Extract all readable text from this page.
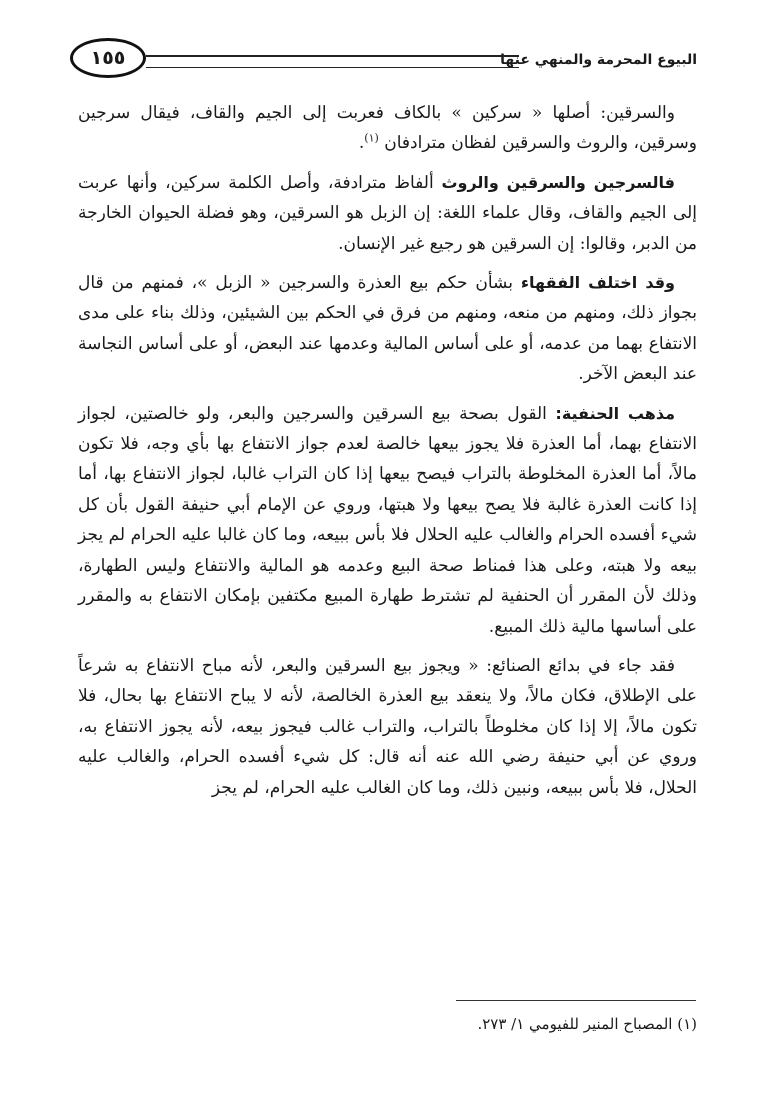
البيوع المحرمة والمنهي عنها
١٥٥

والسرقين: أصلها « سركين » بالكاف فعربت إلى الجيم والقاف، فيقال سرجين وسرقين، والروث والسرقين لفظان مترادفان $^{(١)}$.

فالسرجين والسرقين والروث ألفاظ مترادفة، وأصل الكلمة سركين، وأنها عربت إلى الجيم والقاف، وقال علماء اللغة: إن الزبل هو السرقين، وهو فضلة الحيوان الخارجة من الدبر، وقالوا: إن السرقين هو رجيع غير الإنسان.

وقد اختلف الفقهاء بشأن حكم بيع العذرة والسرجين « الزبل »، فمنهم من قال بجواز ذلك، ومنهم من منعه، ومنهم من فرق في الحكم بين الشيئين، وذلك بناء على مدى الانتفاع بهما من عدمه، أو على أساس المالية وعدمها عند البعض، أو على أساس النجاسة عند البعض الآخر.

مذهب الحنفية: القول بصحة بيع السرقين والسرجين والبعر، ولو خالصتين، لجواز الانتفاع بهما، أما العذرة فلا يجوز بيعها خالصة لعدم جواز الانتفاع بها بأي وجه، فلا تكون مالاً، أما العذرة المخلوطة بالتراب فيصح بيعها إذا كان التراب غالبا، لجواز الانتفاع بها، أما إذا كانت العذرة غالبة فلا يصح بيعها ولا هبتها، وروي عن الإمام أبي حنيفة القول بأن كل شيء أفسده الحرام والغالب عليه الحلال فلا بأس ببيعه، وما كان غالبا عليه الحرام لم يجز بيعه ولا هبته، وعلى هذا فمناط صحة البيع وعدمه هو المالية والانتفاع وليس الطهارة، وذلك لأن المقرر أن الحنفية لم تشترط طهارة المبيع مكتفين بإمكان الانتفاع به والمقرر على أساسها مالية ذلك المبيع.

فقد جاء في بدائع الصنائع: « ويجوز بيع السرقين والبعر، لأنه مباح الانتفاع به شرعاً على الإطلاق، فكان مالاً، ولا ينعقد بيع العذرة الخالصة، لأنه لا يباح الانتفاع بها بحال، فلا تكون مالاً، إلا إذا كان مخلوطاً بالتراب، والتراب غالب فيجوز بيعه، لأنه يجوز الانتفاع به، وروي عن أبي حنيفة رضي الله عنه أنه قال: كل شيء أفسده الحرام، والغالب عليه الحلال، فلا بأس ببيعه، ونبين ذلك، وما كان الغالب عليه الحرام، لم يجز

(١) المصباح المنير للفيومي ١/ ٢٧٣.
